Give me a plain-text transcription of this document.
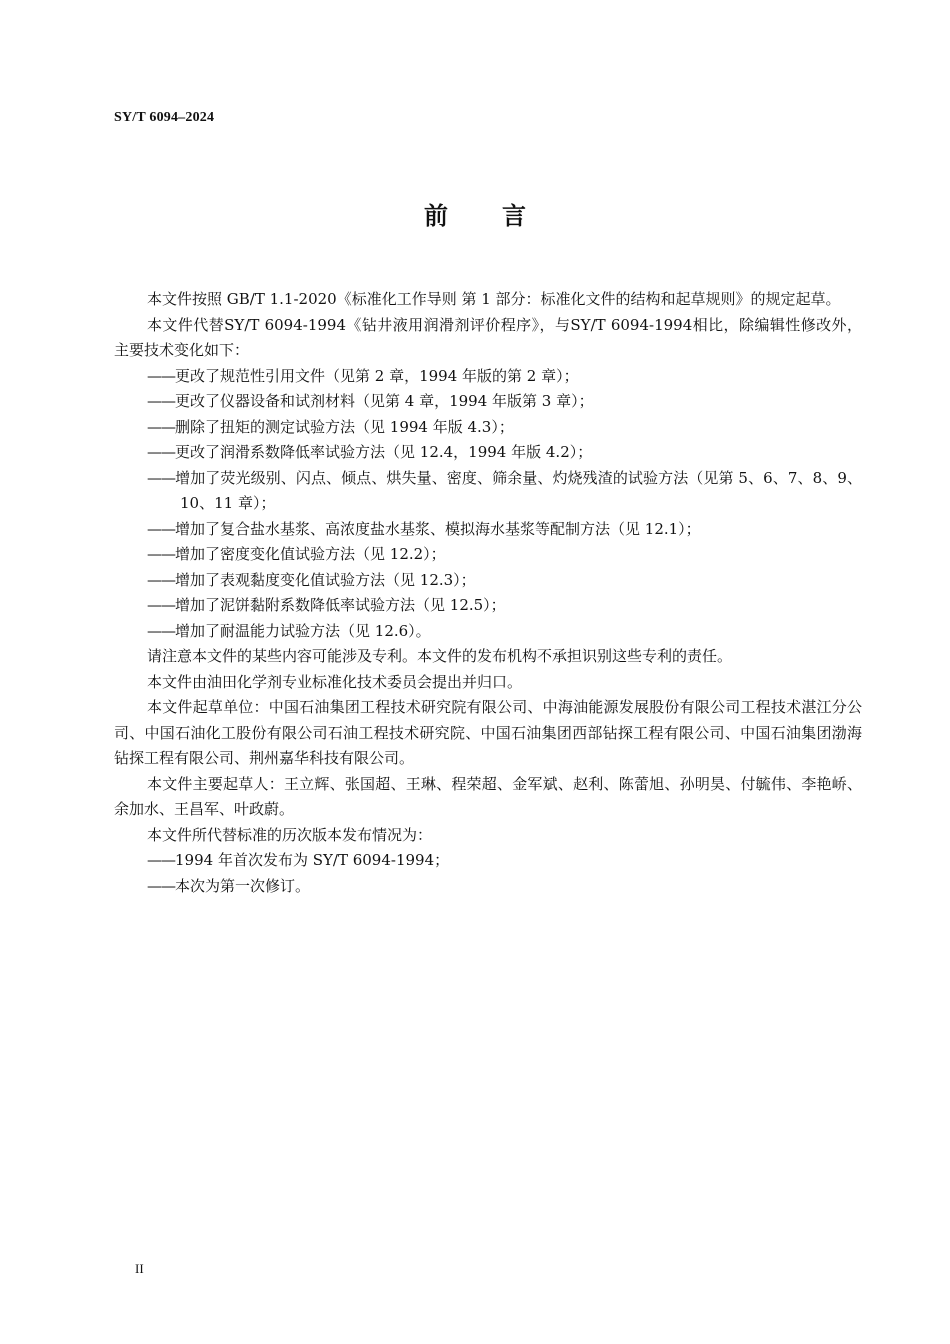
SY/T 6094–2024
前 言

本文件按照 GB/T 1.1-2020《标准化工作导则 第 1 部分：标准化文件的结构和起草规则》的规定起草。

本文件代替SY/T 6094-1994《钻井液用润滑剂评价程序》，与SY/T 6094-1994相比，除编辑性修改外，主要技术变化如下：

——更改了规范性引用文件（见第 2 章，1994 年版的第 2 章）；

——更改了仪器设备和试剂材料（见第 4 章，1994 年版第 3 章）；

——删除了扭矩的测定试验方法（见 1994 年版 4.3）；

——更改了润滑系数降低率试验方法（见 12.4，1994 年版 4.2）；

——增加了荧光级别、闪点、倾点、烘失量、密度、筛余量、灼烧残渣的试验方法（见第 5、6、7、8、9、10、11 章）；

——增加了复合盐水基浆、高浓度盐水基浆、模拟海水基浆等配制方法（见 12.1）；

——增加了密度变化值试验方法（见 12.2）；

——增加了表观黏度变化值试验方法（见 12.3）；

——增加了泥饼黏附系数降低率试验方法（见 12.5）；

——增加了耐温能力试验方法（见 12.6）。

请注意本文件的某些内容可能涉及专利。本文件的发布机构不承担识别这些专利的责任。

本文件由油田化学剂专业标准化技术委员会提出并归口。

本文件起草单位：中国石油集团工程技术研究院有限公司、中海油能源发展股份有限公司工程技术湛江分公司、中国石油化工股份有限公司石油工程技术研究院、中国石油集团西部钻探工程有限公司、中国石油集团渤海钻探工程有限公司、荆州嘉华科技有限公司。

本文件主要起草人：王立辉、张国超、王琳、程荣超、金军斌、赵利、陈蕾旭、孙明昊、付毓伟、李艳峤、余加水、王昌军、叶政蔚。

本文件所代替标准的历次版本发布情况为：

——1994 年首次发布为 SY/T 6094-1994；

——本次为第一次修订。

II
